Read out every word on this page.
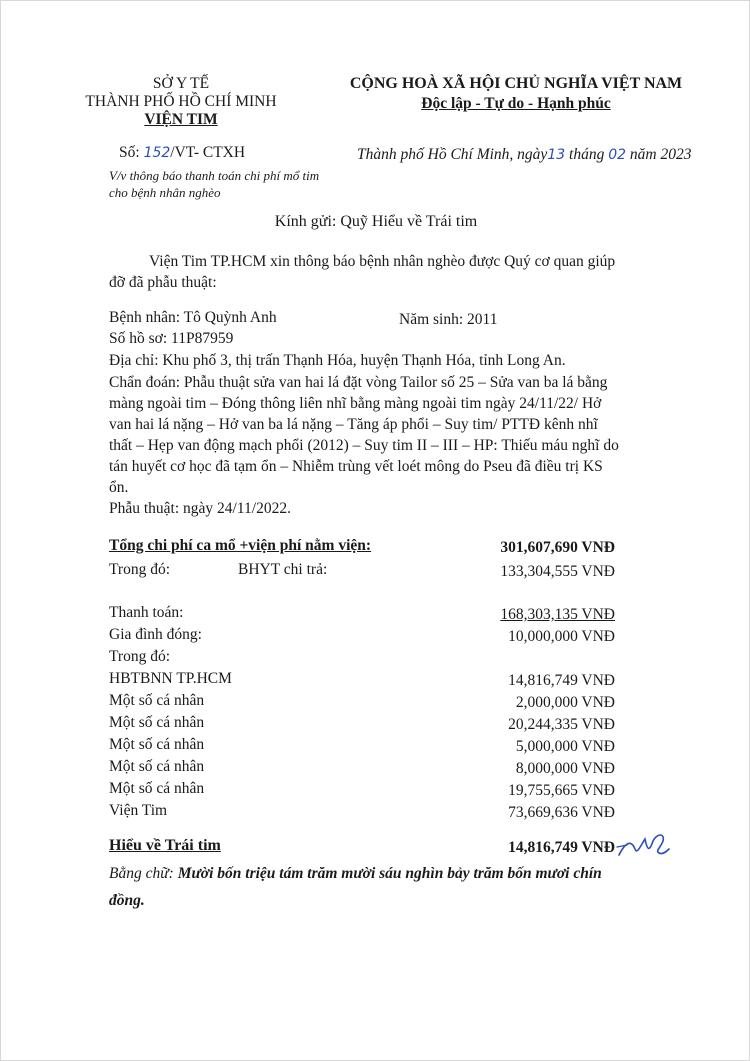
SỞ Y TẾ
THÀNH PHỐ HỒ CHÍ MINH
VIỆN TIM
CỘNG HOÀ XÃ HỘI CHỦ NGHĨA VIỆT NAM
Độc lập - Tự do - Hạnh phúc
Số: 152/VT- CTXH	Thành phố Hồ Chí Minh, ngày13 tháng 02 năm 2023
V/v thông báo thanh toán chi phí mổ tim
cho bệnh nhân nghèo
Kính gửi: Quỹ Hiểu về Trái tim
Viện Tim TP.HCM xin thông báo bệnh nhân nghèo được Quý cơ quan giúp
đỡ đã phẫu thuật:
Bệnh nhân: Tô Quỳnh Anh	Năm sinh: 2011
Số hồ sơ: 11P87959
Địa chỉ: Khu phố 3, thị trấn Thạnh Hóa, huyện Thạnh Hóa, tỉnh Long An.
Chẩn đoán: Phẫu thuật sửa van hai lá đặt vòng Tailor số 25 – Sửa van ba lá bằng
màng ngoài tim – Đóng thông liên nhĩ bằng màng ngoài tim ngày 24/11/22/ Hở
van hai lá nặng – Hở van ba lá nặng – Tăng áp phổi – Suy tim/ PTTĐ kênh nhĩ
thất – Hẹp van động mạch phổi (2012) – Suy tim II – III – HP: Thiếu máu nghĩ do
tán huyết cơ học đã tạm ổn – Nhiễm trùng vết loét mông do Pseu đã điều trị KS
ổn.
Phẫu thuật: ngày 24/11/2022.
Tổng chi phí ca mổ +viện phí nằm viện:	301,607,690 VNĐ
Trong đó:	BHYT chi trả:	133,304,555 VNĐ
Thanh toán:	168,303,135 VNĐ
Gia đình đóng:	10,000,000 VNĐ
Trong đó:
HBTBNN TP.HCM	14,816,749 VNĐ
Một số cá nhân	2,000,000 VNĐ
Một số cá nhân	20,244,335 VNĐ
Một số cá nhân	5,000,000 VNĐ
Một số cá nhân	8,000,000 VNĐ
Một số cá nhân	19,755,665 VNĐ
Viện Tim	73,669,636 VNĐ
Hiểu về Trái tim	14,816,749 VNĐ
Bằng chữ: Mười bốn triệu tám trăm mười sáu nghìn bảy trăm bốn mươi chín
đồng.
